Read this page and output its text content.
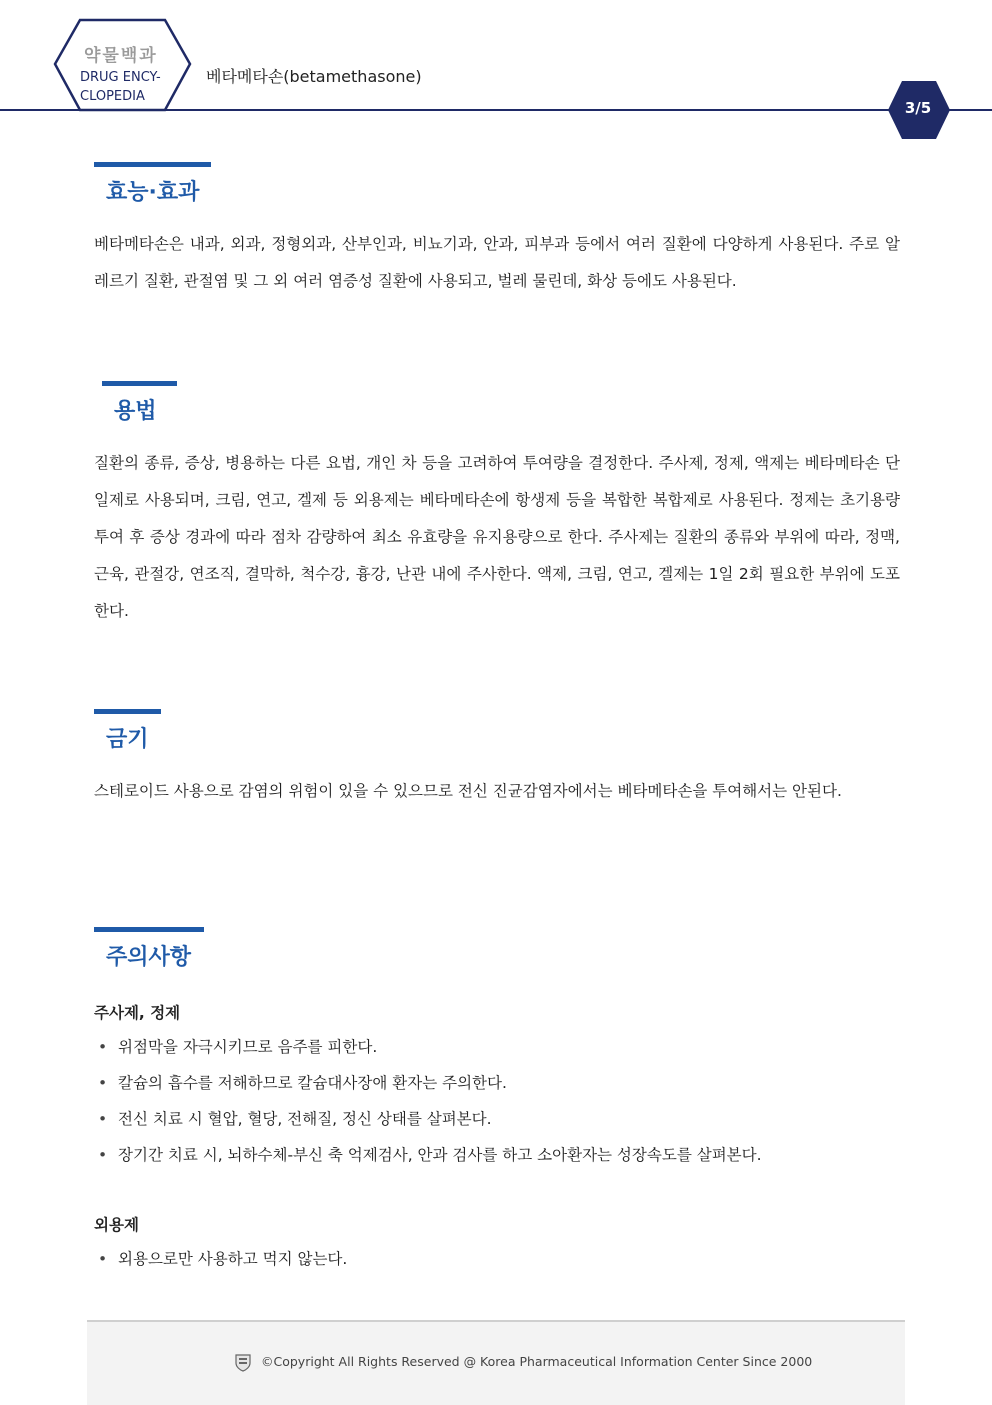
약물백과
DRUG ENCY-
CLOPEDIA
베타메타손(betamethasone)
3/5
효능·효과

베타메타손은 내과, 외과, 정형외과, 산부인과, 비뇨기과, 안과, 피부과 등에서 여러 질환에 다양하게 사용된다. 주로 알레르기 질환, 관절염 및 그 외 여러 염증성 질환에 사용되고, 벌레 물린데, 화상 등에도 사용된다.

용법

질환의 종류, 증상, 병용하는 다른 요법, 개인 차 등을 고려하여 투여량을 결정한다. 주사제, 정제, 액제는 베타메타손 단일제로 사용되며, 크림, 연고, 겔제 등 외용제는 베타메타손에 항생제 등을 복합한 복합제로 사용된다. 정제는 초기용량 투여 후 증상 경과에 따라 점차 감량하여 최소 유효량을 유지용량으로 한다. 주사제는 질환의 종류와 부위에 따라, 정맥, 근육, 관절강, 연조직, 결막하, 척수강, 흉강, 난관 내에 주사한다. 액제, 크림, 연고, 겔제는 1일 2회 필요한 부위에 도포한다.

금기

스테로이드 사용으로 감염의 위험이 있을 수 있으므로 전신 진균감염자에서는 베타메타손을 투여해서는 안된다.

주의사항
주사제, 정제
• 위점막을 자극시키므로 음주를 피한다.
• 칼슘의 흡수를 저해하므로 칼슘대사장애 환자는 주의한다.
• 전신 치료 시 혈압, 혈당, 전해질, 정신 상태를 살펴본다.
• 장기간 치료 시, 뇌하수체-부신 축 억제검사, 안과 검사를 하고 소아환자는 성장속도를 살펴본다.
외용제
• 외용으로만 사용하고 먹지 않는다.
©Copyright All Rights Reserved @ Korea Pharmaceutical Information Center Since 2000
